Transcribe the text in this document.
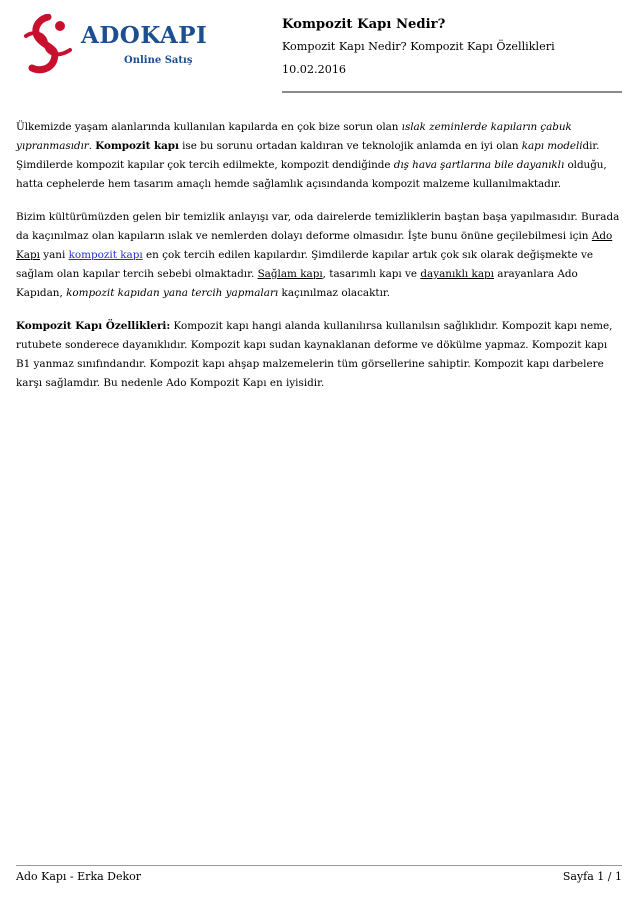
ADOKAPI
Online Satış
Kompozit Kapı Nedir?
Kompozit Kapı Nedir? Kompozit Kapı Özellikleri
10.02.2016

Ülkemizde yaşam alanlarında kullanılan kapılarda en çok bize sorun olan ıslak zeminlerde kapıların çabuk yıpranmasıdır. Kompozit kapı ise bu sorunu ortadan kaldıran ve teknolojik anlamda en iyi olan kapı modelidir. Şimdilerde kompozit kapılar çok tercih edilmekte, kompozit dendiğinde dış hava şartlarına bile dayanıklı olduğu, hatta cephelerde hem tasarım amaçlı hemde sağlamlık açısındanda kompozit malzeme kullanılmaktadır.

Bizim kültürümüzden gelen bir temizlik anlayışı var, oda dairelerde temizliklerin baştan başa yapılmasıdır. Burada da kaçınılmaz olan kapıların ıslak ve nemlerden dolayı deforme olmasıdır. İşte bunu önüne geçilebilmesi için Ado Kapı yani kompozit kapı en çok tercih edilen kapılardır. Şimdilerde kapılar artık çok sık olarak değişmekte ve sağlam olan kapılar tercih sebebi olmaktadır. Sağlam kapı, tasarımlı kapı ve dayanıklı kapı arayanlara Ado Kapıdan, kompozit kapıdan yana tercih yapmaları kaçınılmaz olacaktır.

Kompozit Kapı Özellikleri: Kompozit kapı hangi alanda kullanılırsa kullanılsın sağlıklıdır. Kompozit kapı neme, rutubete sonderece dayanıklıdır. Kompozit kapı sudan kaynaklanan deforme ve dökülme yapmaz. Kompozit kapı B1 yanmaz sınıfındandır. Kompozit kapı ahşap malzemelerin tüm görsellerine sahiptir. Kompozit kapı darbelere karşı sağlamdır. Bu nedenle Ado Kompozit Kapı en iyisidir.

Ado Kapı - Erka Dekor	Sayfa 1 / 1
